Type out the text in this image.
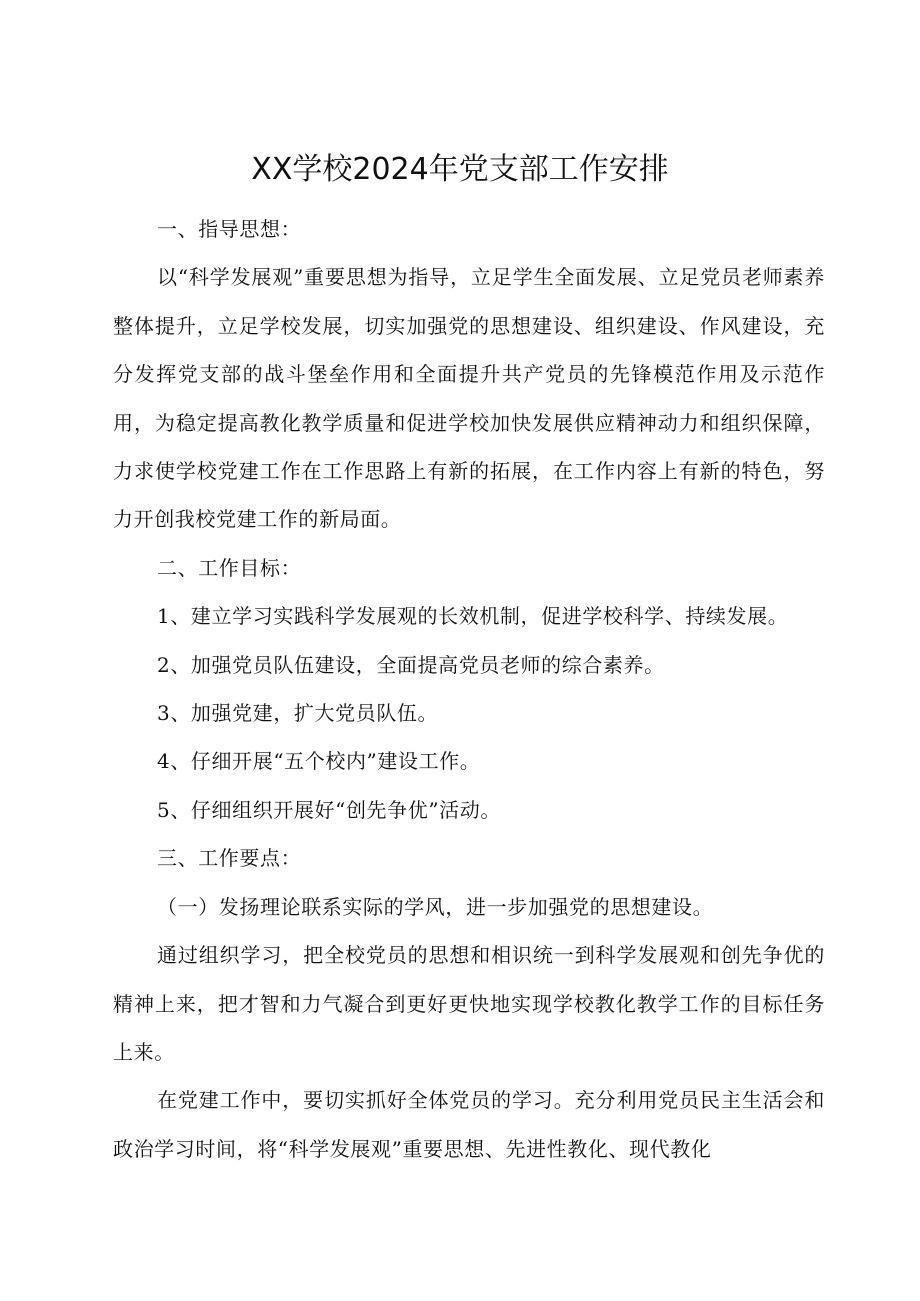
XX学校2024年党支部工作安排

一、指导思想：

以“科学发展观”重要思想为指导，立足学生全面发展、立足党员老师素养整体提升，立足学校发展，切实加强党的思想建设、组织建设、作风建设，充分发挥党支部的战斗堡垒作用和全面提升共产党员的先锋模范作用及示范作用，为稳定提高教化教学质量和促进学校加快发展供应精神动力和组织保障，力求使学校党建工作在工作思路上有新的拓展，在工作内容上有新的特色，努力开创我校党建工作的新局面。

二、工作目标：

1、建立学习实践科学发展观的长效机制，促进学校科学、持续发展。

2、加强党员队伍建设，全面提高党员老师的综合素养。

3、加强党建，扩大党员队伍。

4、仔细开展“五个校内”建设工作。

5、仔细组织开展好“创先争优”活动。

三、工作要点：

（一）发扬理论联系实际的学风，进一步加强党的思想建设。

通过组织学习，把全校党员的思想和相识统一到科学发展观和创先争优的精神上来，把才智和力气凝合到更好更快地实现学校教化教学工作的目标任务上来。

在党建工作中，要切实抓好全体党员的学习。充分利用党员民主生活会和政治学习时间，将“科学发展观”重要思想、先进性教化、现代教化
